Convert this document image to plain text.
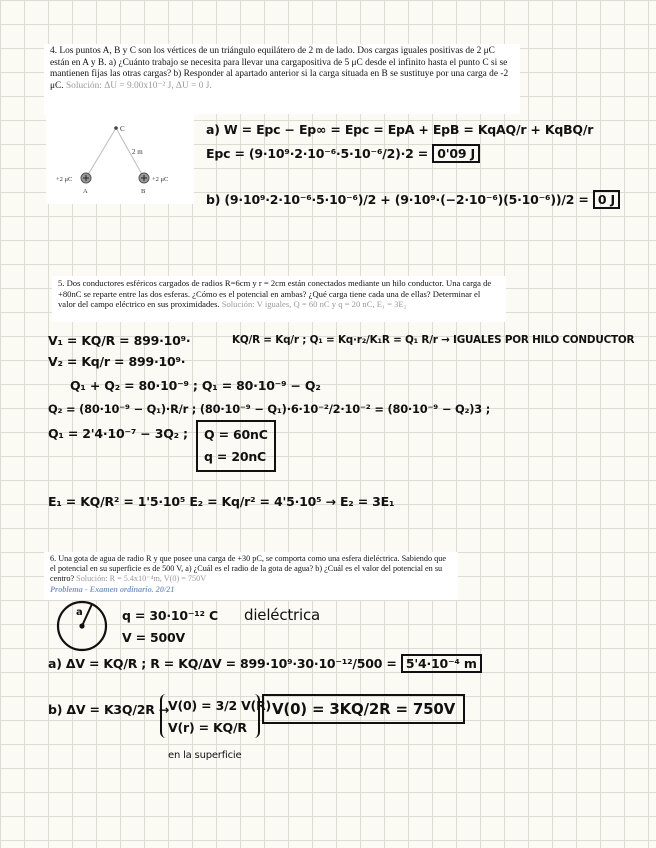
4. Los puntos A, B y C son los vértices de un triángulo equilátero de 2 m de lado. Dos cargas iguales positivas de 2 μC están en A y B. a) ¿Cuánto trabajo se necesita para llevar una cargapositiva de 5 μC desde el infinito hasta el punto C si se mantienen fijas las otras cargas? b) Responder al apartado anterior si la carga situada en B se sustituye por una carga de -2 μC. Solución: ΔU = 9.00x10⁻² J, ΔU = 0 J.

C
2 m
+2 μC	+2 μC
A	B
a) W = Epc − Ep∞ = Epc = EpA + EpB = KqAQ/r + KqBQ/r
Epc = (9·10⁹·2·10⁻⁶·5·10⁻⁶/2)·2 = 0'09 J
b) (9·10⁹·2·10⁻⁶·5·10⁻⁶)/2 + (9·10⁹·(−2·10⁻⁶)(5·10⁻⁶))/2 = 0 J

5. Dos conductores esféricos cargados de radios R=6cm y r = 2cm están conectados mediante un hilo conductor. Una carga de +80nC se reparte entre las dos esferas. ¿Cómo es el potencial en ambas? ¿Qué carga tiene cada una de ellas? Determinar el valor del campo eléctrico en sus proximidades. Solución: V iguales, Q = 60 nC y q = 20 nC, E₁ = 3E₂

V₁ = KQ/R = 899·10⁹·	KQ/R = Kq/r ; Q₁ = Kq·r₂/K₁R = Q₁ R/r → IGUALES POR HILO CONDUCTOR
V₂ = Kq/r = 899·10⁹·
Q₁ + Q₂ = 80·10⁻⁹ ; Q₁ = 80·10⁻⁹ − Q₂
Q₂ = (80·10⁻⁹ − Q₁)·R/r ; (80·10⁻⁹ − Q₁)·6·10⁻²/2·10⁻² = (80·10⁻⁹ − Q₂)3 ;
Q₁ = 2'4·10⁻⁷ − 3Q₂ ; Q = 60nC
q = 20nC
E₁ = KQ/R² = 1'5·10⁵ E₂ = Kq/r² = 4'5·10⁵ → E₂ = 3E₁

6. Una gota de agua de radio R y que posee una carga de +30 pC, se comporta como una esfera dieléctrica. Sabiendo que el potencial en su superficie es de 500 V, a) ¿Cuál es el radio de la gota de agua? b) ¿Cuál es el valor del potencial en su centro? Solución: R = 5.4x10⁻⁴m, V(0) = 750V
Problema - Examen ordinario. 20/21

a	q = 30·10⁻¹² C dieléctrica
V = 500V
a) ΔV = KQ/R ; R = KQ/ΔV = 899·10⁹·30·10⁻¹²/500 = 5'4·10⁻⁴ m
b) ΔV = K3Q/2R →
V(0) = 3/2 V(R)
V(r) = KQ/R
V(0) = 3KQ/2R = 750V
en la superficie
